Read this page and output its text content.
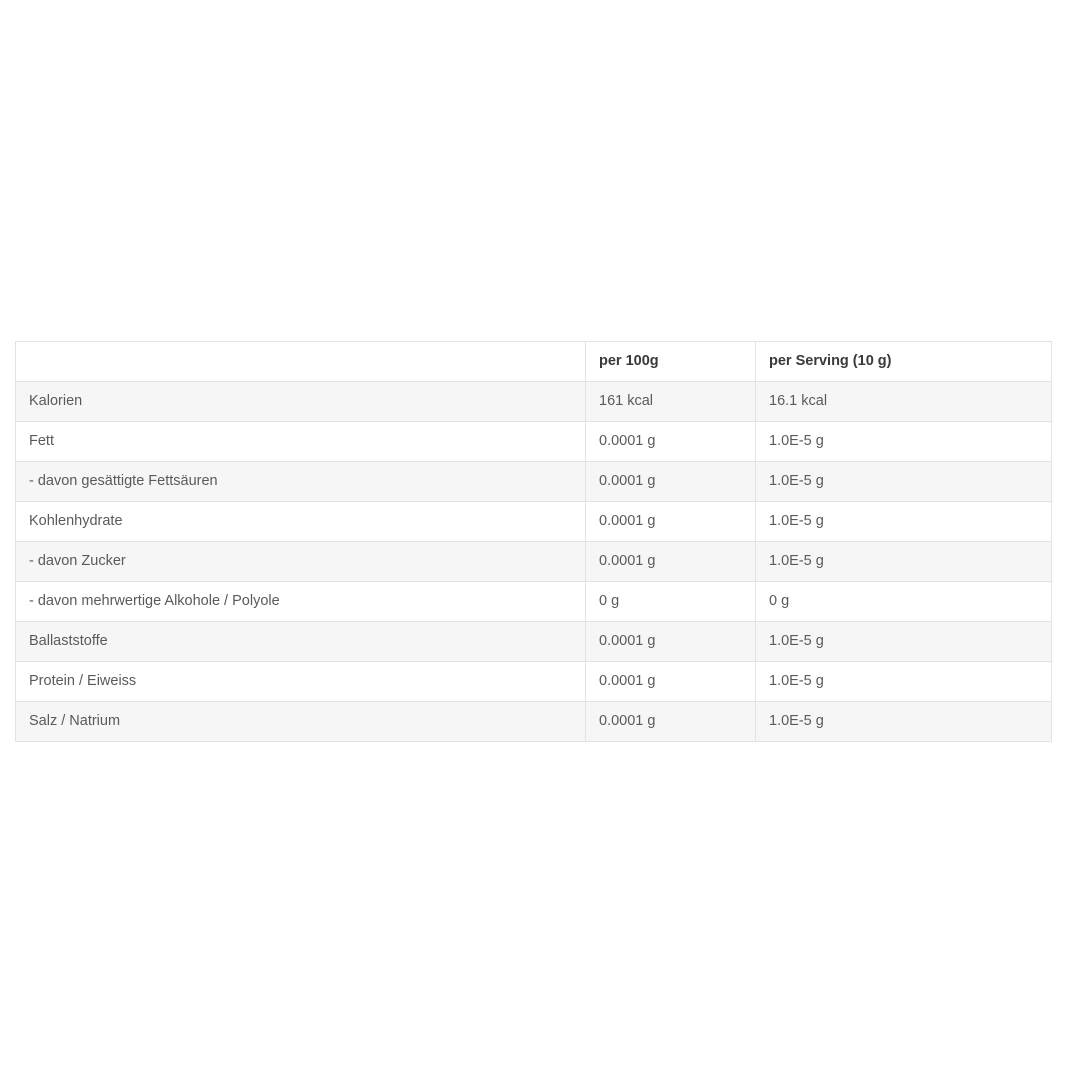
	per 100g	per Serving (10 g)
Kalorien	161 kcal	16.1 kcal
Fett	0.0001 g	1.0E-5 g
- davon gesättigte Fettsäuren	0.0001 g	1.0E-5 g
Kohlenhydrate	0.0001 g	1.0E-5 g
- davon Zucker	0.0001 g	1.0E-5 g
- davon mehrwertige Alkohole / Polyole	0 g	0 g
Ballaststoffe	0.0001 g	1.0E-5 g
Protein / Eiweiss	0.0001 g	1.0E-5 g
Salz / Natrium	0.0001 g	1.0E-5 g
